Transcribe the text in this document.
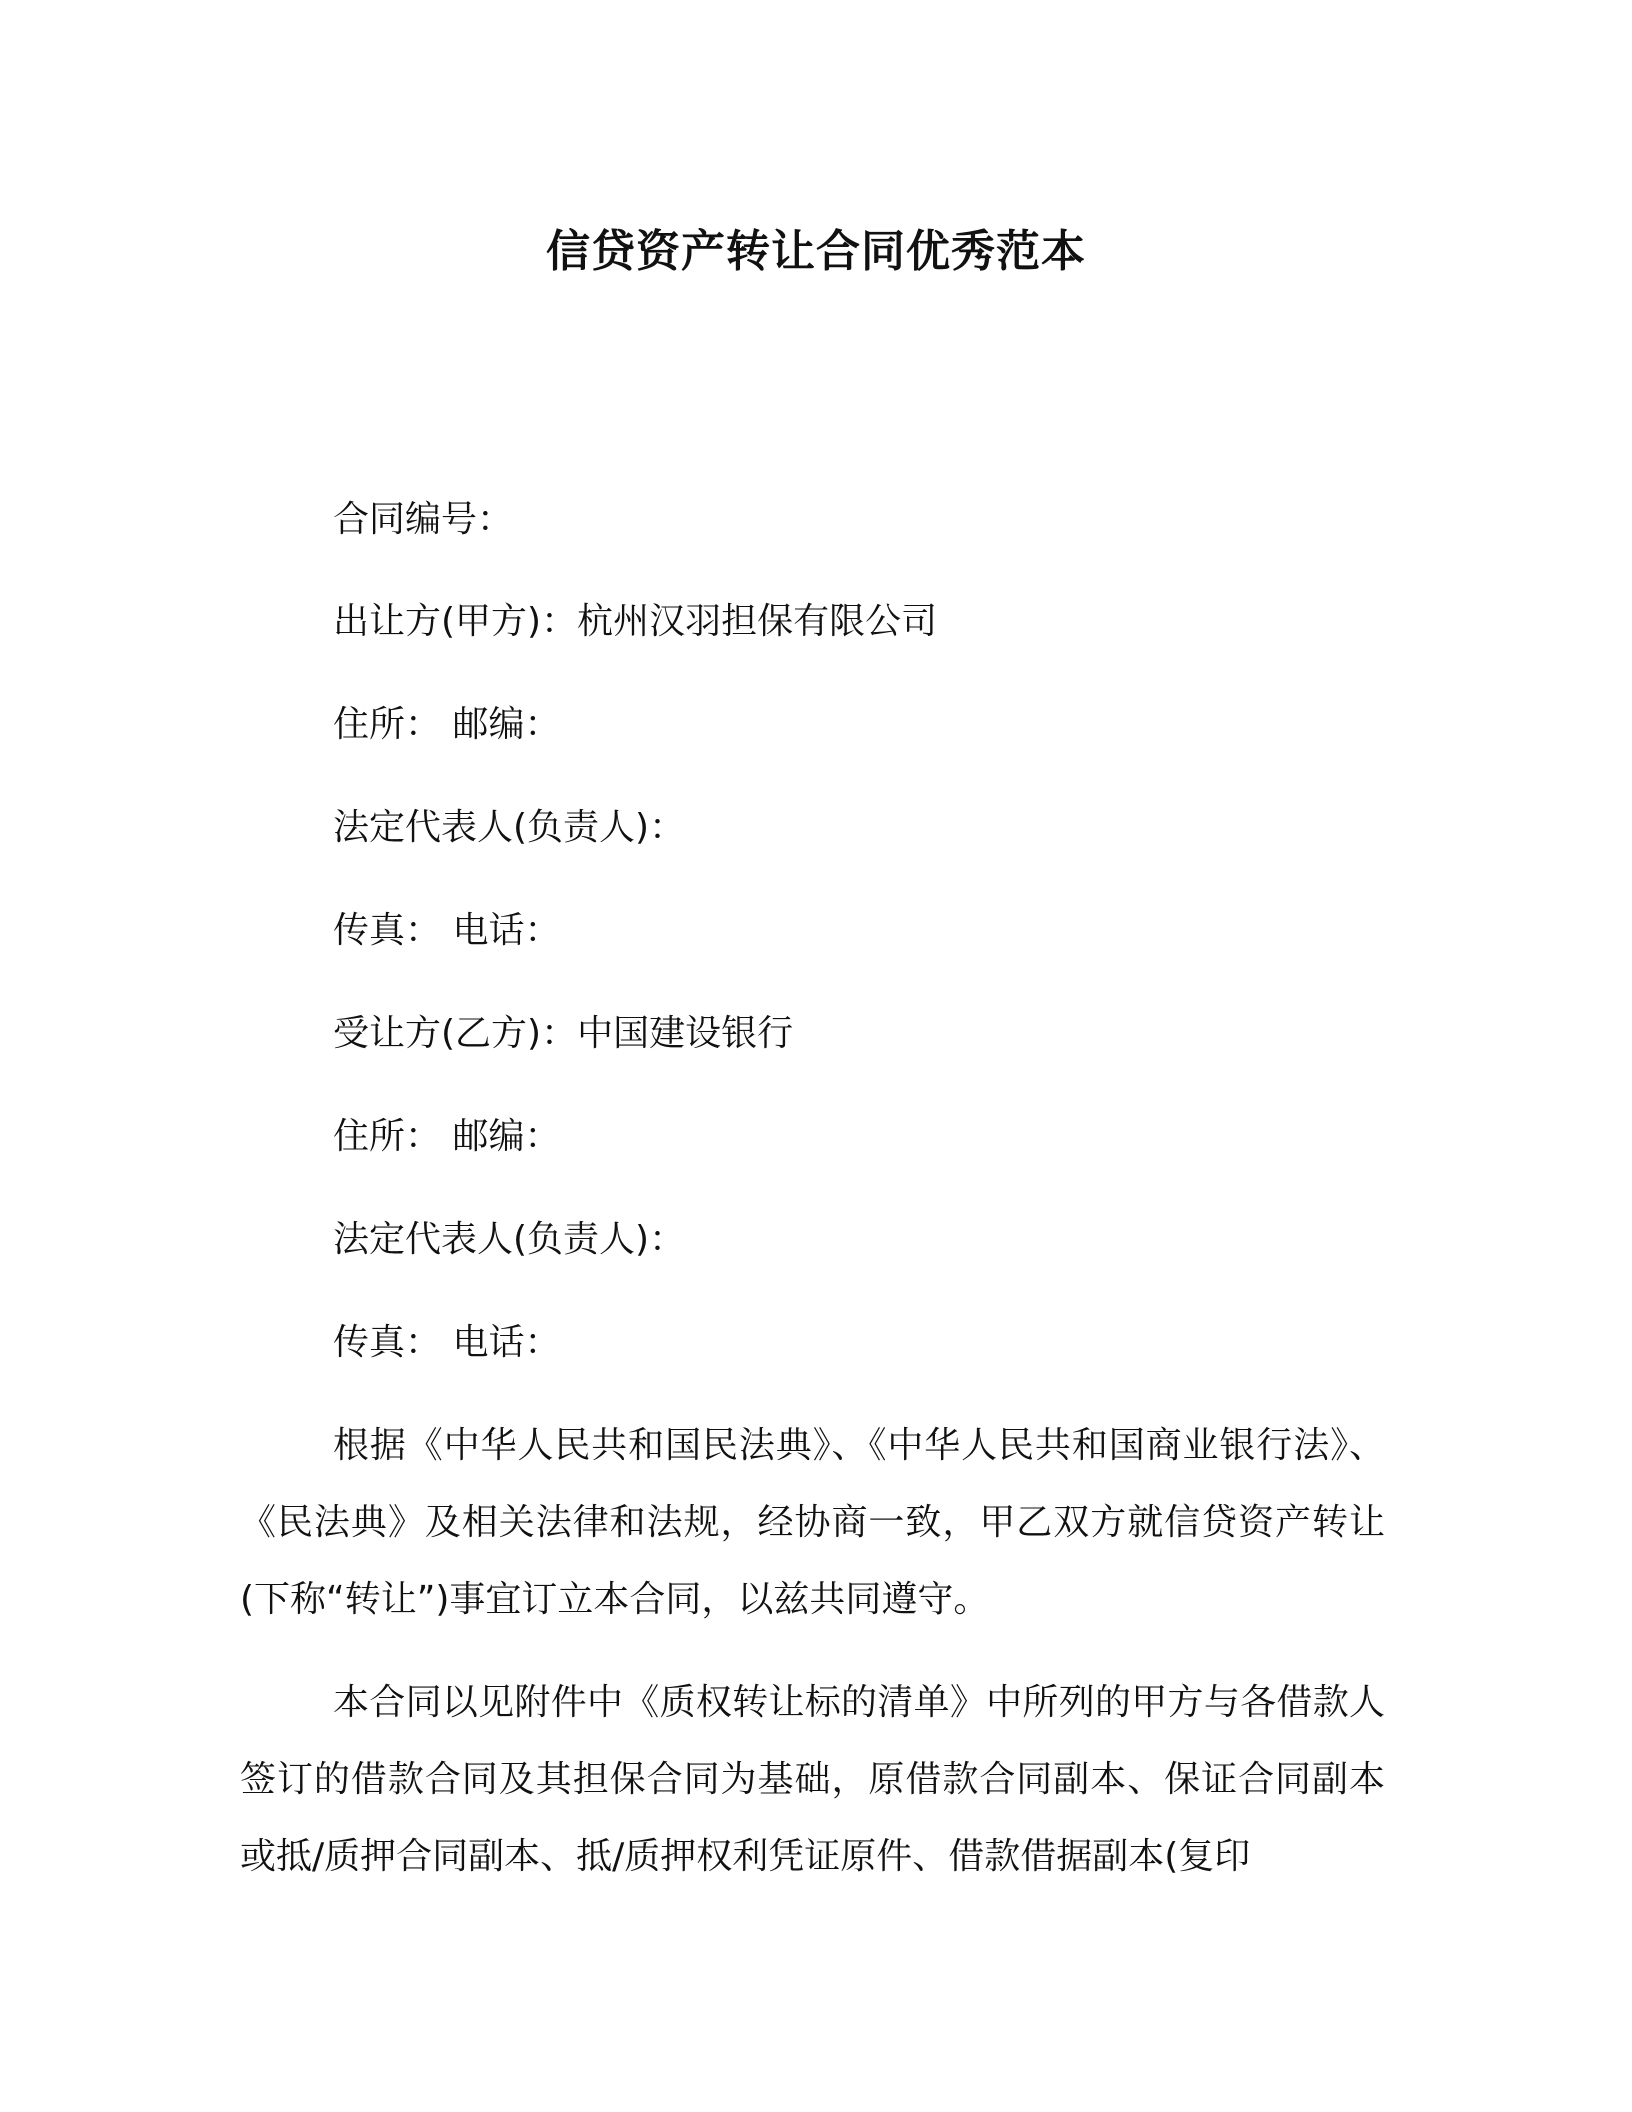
信贷资产转让合同优秀范本
合同编号：
出让方(甲方)：杭州汉羽担保有限公司
住所： 邮编：
法定代表人(负责人)：
传真： 电话：
受让方(乙方)：中国建设银行
住所： 邮编：
法定代表人(负责人)：
传真： 电话：
根据《中华人民共和国民法典》、《中华人民共和国商业银行法》、《民法典》及相关法律和法规，经协商一致，甲乙双方就信贷资产转让(下称“转让”)事宜订立本合同，以兹共同遵守。
本合同以见附件中《质权转让标的清单》中所列的甲方与各借款人签订的借款合同及其担保合同为基础，原借款合同副本、保证合同副本或抵/质押合同副本、抵/质押权利凭证原件、借款借据副本(复印
